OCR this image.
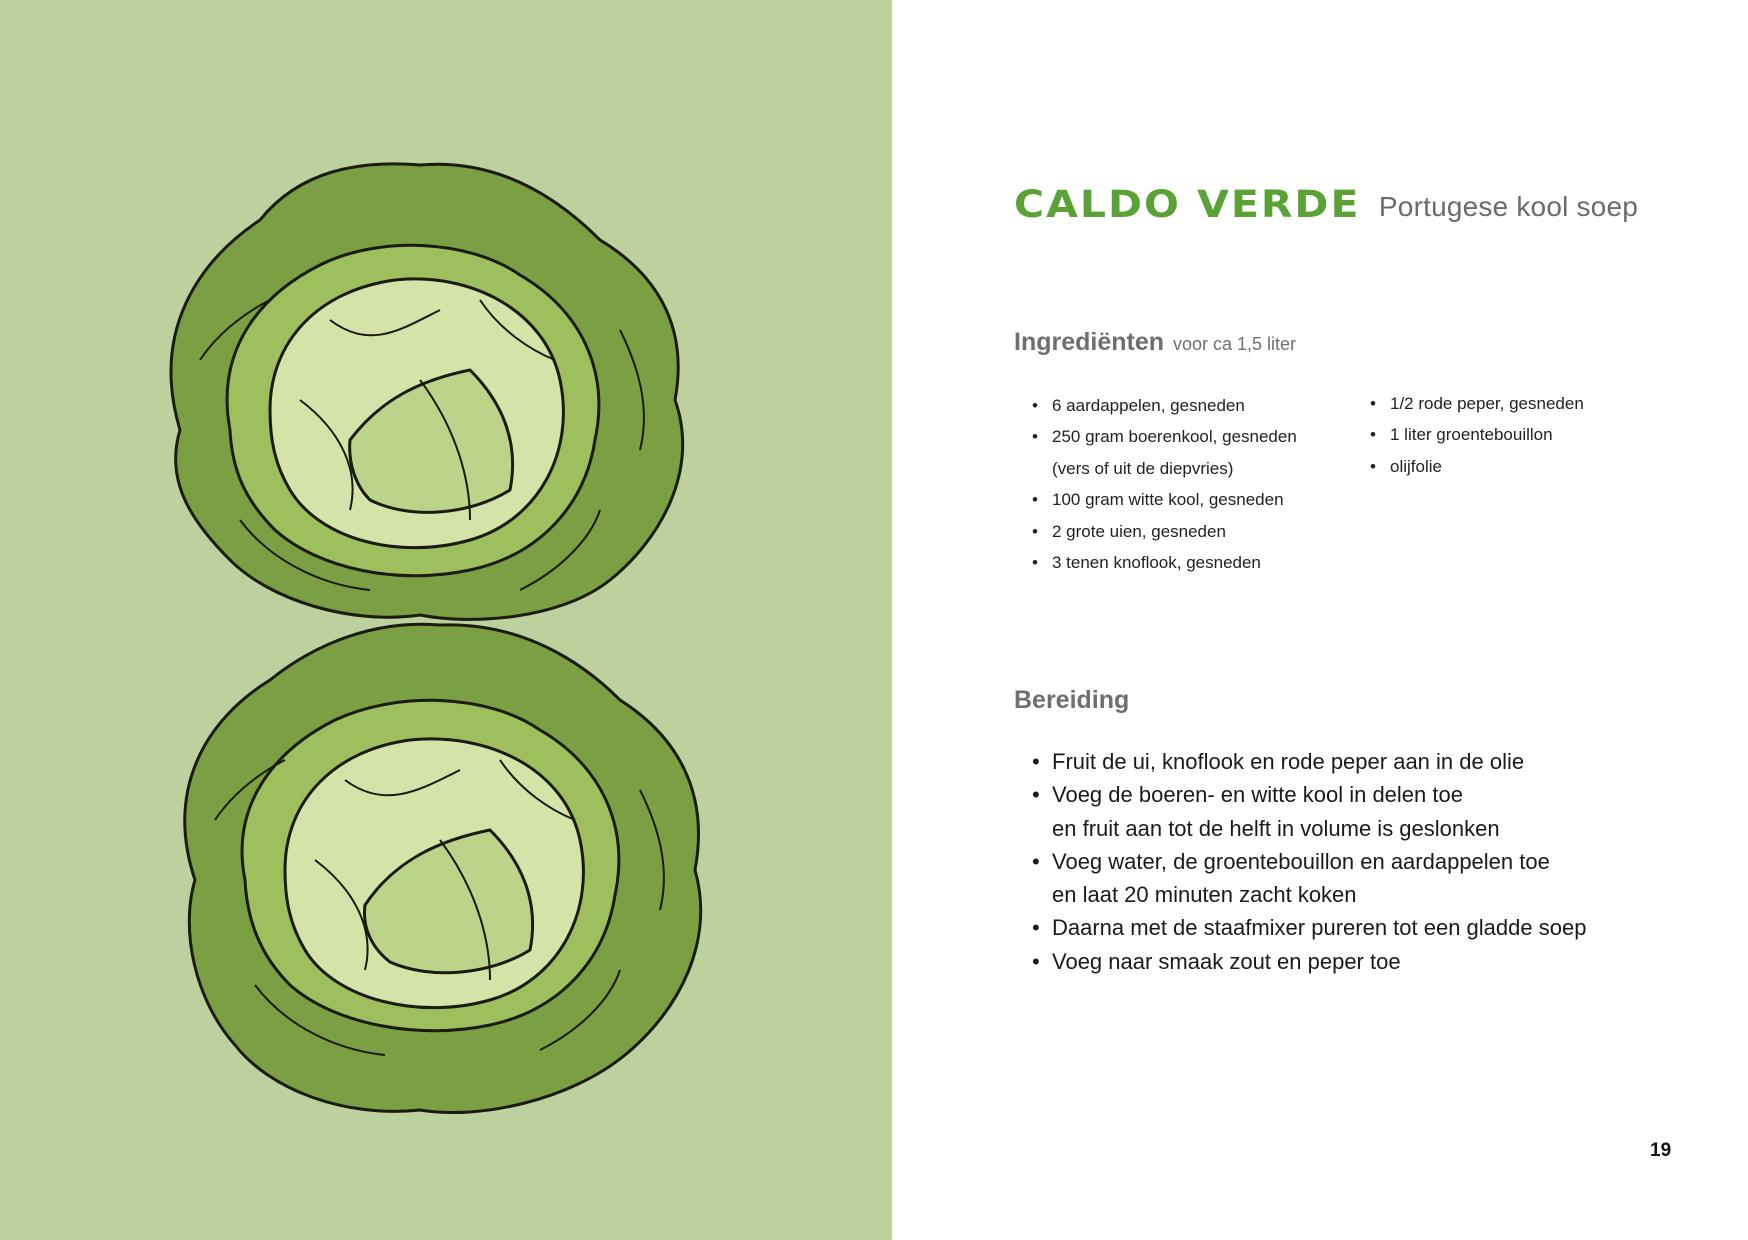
CALDO VERDE Portugese kool soep
Ingrediënten voor ca 1,5 liter
• 6 aardappelen, gesneden
• 250 gram boerenkool, gesneden
(vers of uit de diepvries)
• 100 gram witte kool, gesneden
• 2 grote uien, gesneden
• 3 tenen knoflook, gesneden
• 1/2 rode peper, gesneden
• 1 liter groentebouillon
• olijfolie
Bereiding
• Fruit de ui, knoflook en rode peper aan in de olie
• Voeg de boeren- en witte kool in delen toe
en fruit aan tot de helft in volume is geslonken
• Voeg water, de groentebouillon en aardappelen toe
en laat 20 minuten zacht koken
• Daarna met de staafmixer pureren tot een gladde soep
• Voeg naar smaak zout en peper toe
19
